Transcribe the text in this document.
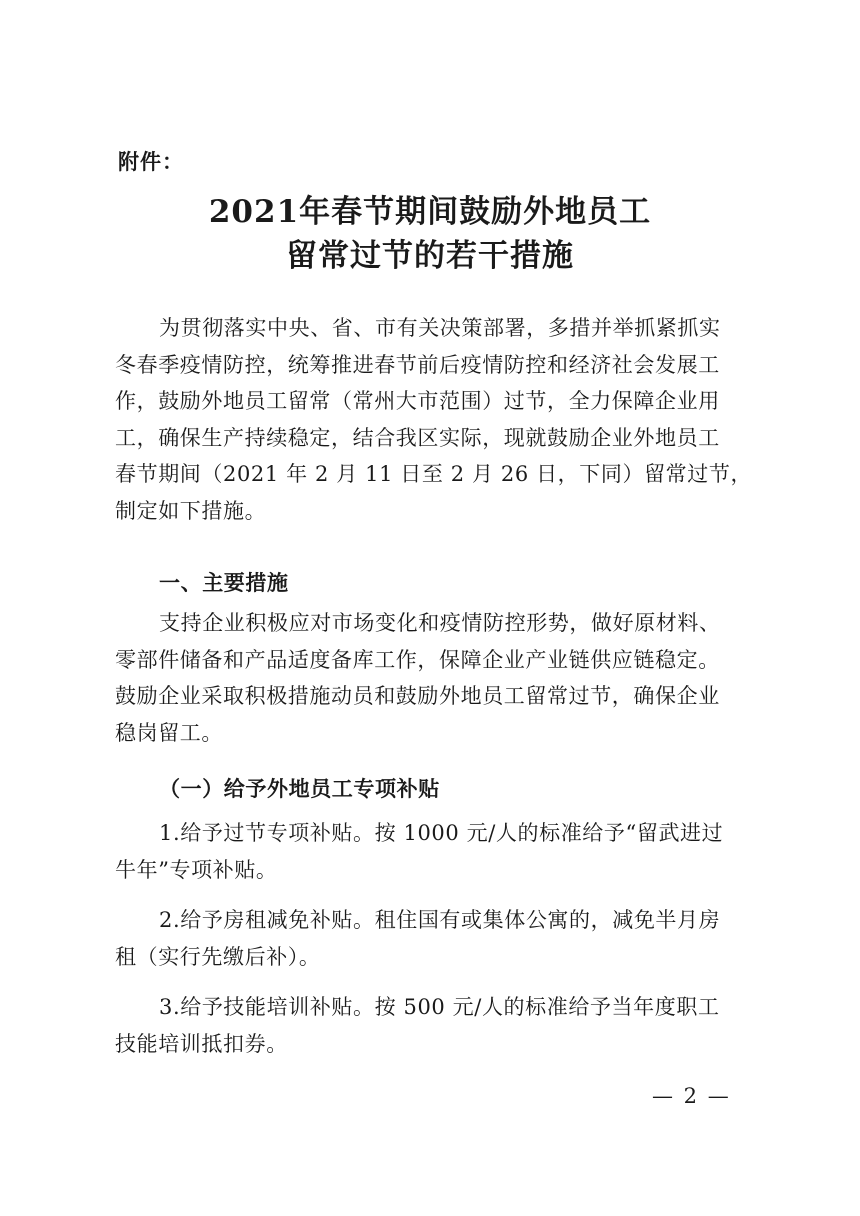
附件：
2021年春节期间鼓励外地员工
留常过节的若干措施
为贯彻落实中央、省、市有关决策部署，多措并举抓紧抓实
冬春季疫情防控，统筹推进春节前后疫情防控和经济社会发展工
作，鼓励外地员工留常（常州大市范围）过节，全力保障企业用
工，确保生产持续稳定，结合我区实际，现就鼓励企业外地员工
春节期间（2021 年 2 月 11 日至 2 月 26 日，下同）留常过节，
制定如下措施。
一、主要措施
支持企业积极应对市场变化和疫情防控形势，做好原材料、
零部件储备和产品适度备库工作，保障企业产业链供应链稳定。
鼓励企业采取积极措施动员和鼓励外地员工留常过节，确保企业
稳岗留工。
（一）给予外地员工专项补贴
1.给予过节专项补贴。按 1000 元/人的标准给予“留武进过
牛年”专项补贴。
2.给予房租减免补贴。租住国有或集体公寓的，减免半月房
租（实行先缴后补）。
3.给予技能培训补贴。按 500 元/人的标准给予当年度职工
技能培训抵扣券。
— 2 —
